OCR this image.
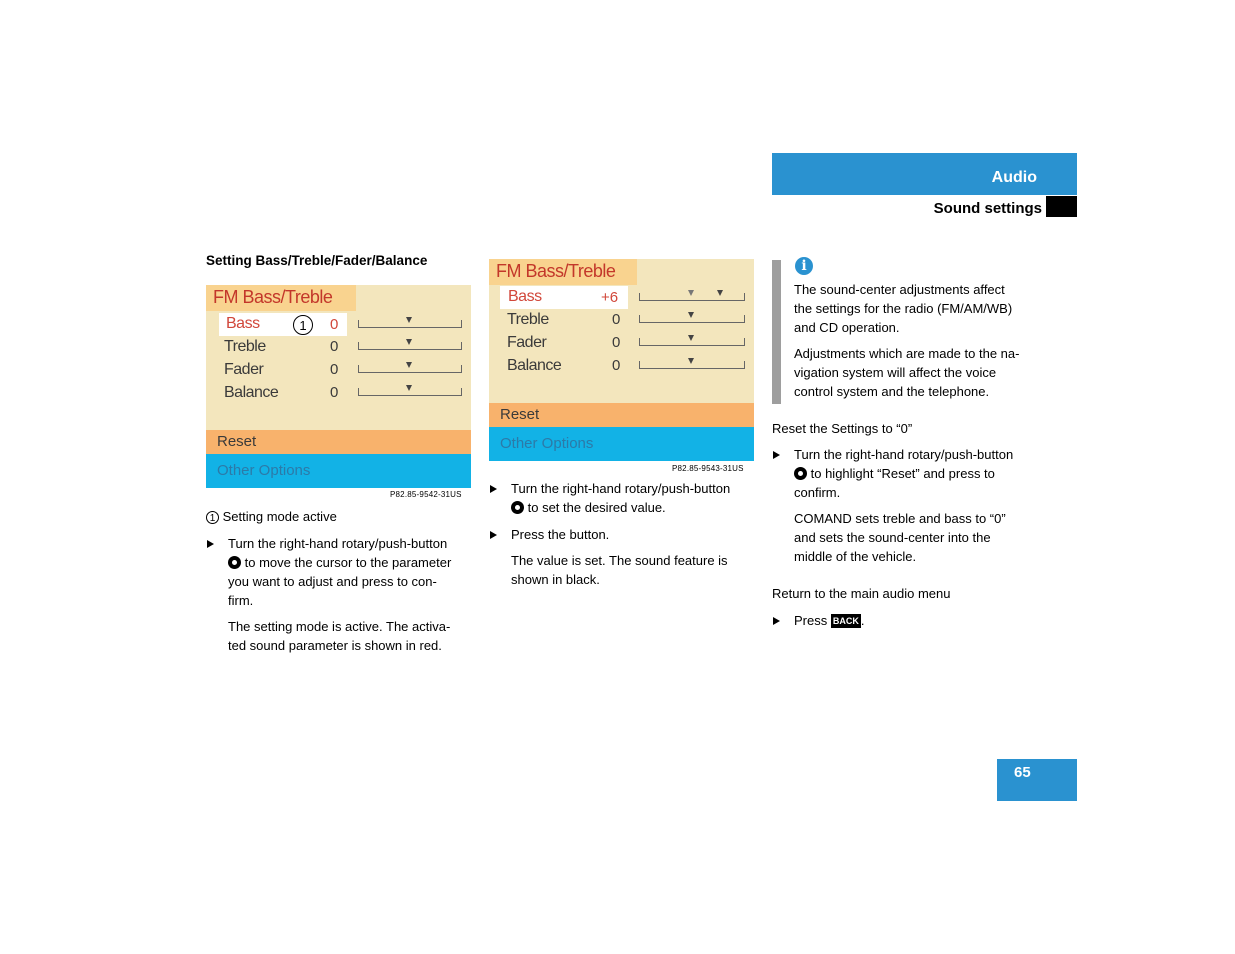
Audio
Sound settings
Setting Bass/Treble/Fader/Balance
FM Bass/Treble
Bass	0
Treble	0
Fader	0
Balance	0
1
Reset
Other Options
P82.85-9542-31US
1 Setting mode active
Turn the right-hand rotary/push-button
to move the cursor to the parameter
you want to adjust and press to con-
firm.
The setting mode is active. The activa-
ted sound parameter is shown in red.
FM Bass/Treble
Bass	+6
Treble	0
Fader	0
Balance	0
Reset
Other Options
P82.85-9543-31US
Turn the right-hand rotary/push-button
to set the desired value.
Press the button.
The value is set. The sound feature is
shown in black.
i
The sound-center adjustments affect
the settings for the radio (FM/AM/WB)
and CD operation.
Adjustments which are made to the na-
vigation system will affect the voice
control system and the telephone.
Reset the Settings to “0”
Turn the right-hand rotary/push-button
to highlight “Reset” and press to
confirm.
COMAND sets treble and bass to “0”
and sets the sound-center into the
middle of the vehicle.
Return to the main audio menu
Press BACK .
65
